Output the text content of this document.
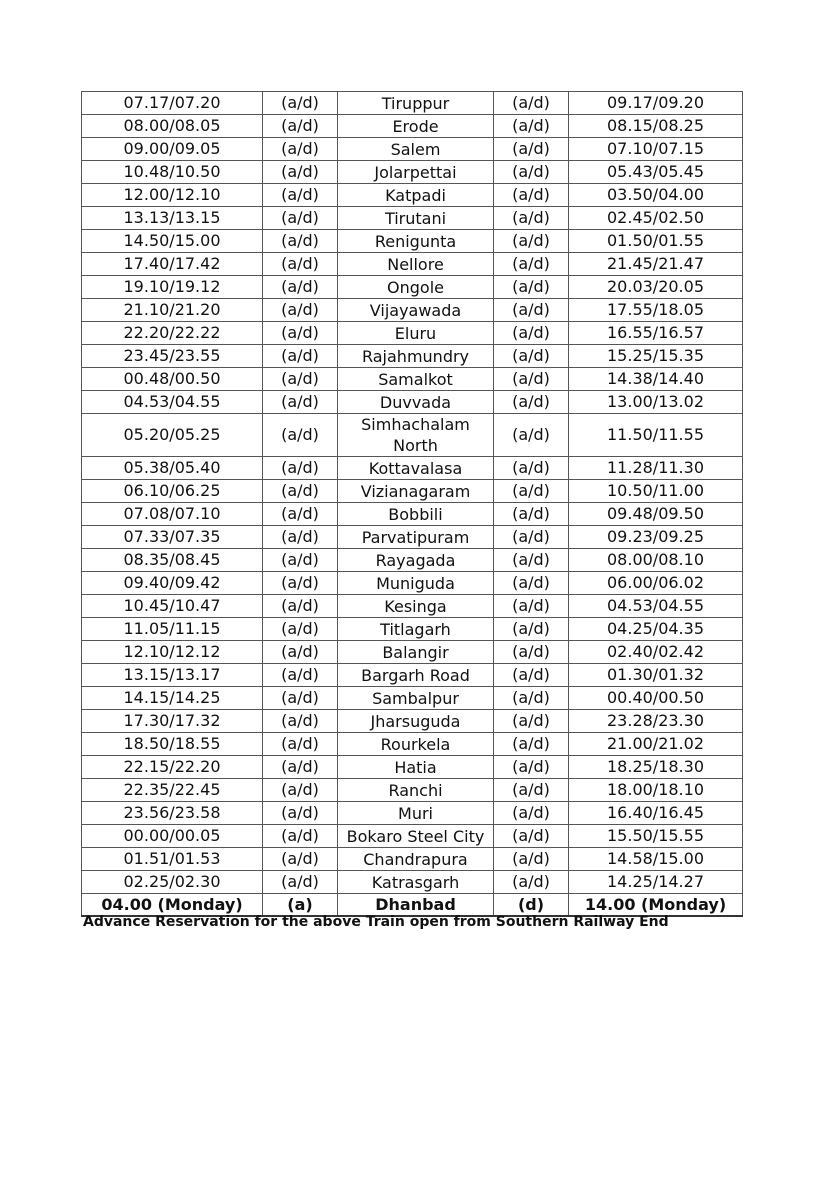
07.17/07.20	(a/d)	Tiruppur	(a/d)	09.17/09.20
08.00/08.05	(a/d)	Erode	(a/d)	08.15/08.25
09.00/09.05	(a/d)	Salem	(a/d)	07.10/07.15
10.48/10.50	(a/d)	Jolarpettai	(a/d)	05.43/05.45
12.00/12.10	(a/d)	Katpadi	(a/d)	03.50/04.00
13.13/13.15	(a/d)	Tirutani	(a/d)	02.45/02.50
14.50/15.00	(a/d)	Renigunta	(a/d)	01.50/01.55
17.40/17.42	(a/d)	Nellore	(a/d)	21.45/21.47
19.10/19.12	(a/d)	Ongole	(a/d)	20.03/20.05
21.10/21.20	(a/d)	Vijayawada	(a/d)	17.55/18.05
22.20/22.22	(a/d)	Eluru	(a/d)	16.55/16.57
23.45/23.55	(a/d)	Rajahmundry	(a/d)	15.25/15.35
00.48/00.50	(a/d)	Samalkot	(a/d)	14.38/14.40
04.53/04.55	(a/d)	Duvvada	(a/d)	13.00/13.02
05.20/05.25	(a/d)	Simhachalam North	(a/d)	11.50/11.55
05.38/05.40	(a/d)	Kottavalasa	(a/d)	11.28/11.30
06.10/06.25	(a/d)	Vizianagaram	(a/d)	10.50/11.00
07.08/07.10	(a/d)	Bobbili	(a/d)	09.48/09.50
07.33/07.35	(a/d)	Parvatipuram	(a/d)	09.23/09.25
08.35/08.45	(a/d)	Rayagada	(a/d)	08.00/08.10
09.40/09.42	(a/d)	Muniguda	(a/d)	06.00/06.02
10.45/10.47	(a/d)	Kesinga	(a/d)	04.53/04.55
11.05/11.15	(a/d)	Titlagarh	(a/d)	04.25/04.35
12.10/12.12	(a/d)	Balangir	(a/d)	02.40/02.42
13.15/13.17	(a/d)	Bargarh Road	(a/d)	01.30/01.32
14.15/14.25	(a/d)	Sambalpur	(a/d)	00.40/00.50
17.30/17.32	(a/d)	Jharsuguda	(a/d)	23.28/23.30
18.50/18.55	(a/d)	Rourkela	(a/d)	21.00/21.02
22.15/22.20	(a/d)	Hatia	(a/d)	18.25/18.30
22.35/22.45	(a/d)	Ranchi	(a/d)	18.00/18.10
23.56/23.58	(a/d)	Muri	(a/d)	16.40/16.45
00.00/00.05	(a/d)	Bokaro Steel City	(a/d)	15.50/15.55
01.51/01.53	(a/d)	Chandrapura	(a/d)	14.58/15.00
02.25/02.30	(a/d)	Katrasgarh	(a/d)	14.25/14.27
04.00 (Monday)	(a)	Dhanbad	(d)	14.00 (Monday)

Advance Reservation for the above Train open from Southern Railway End
